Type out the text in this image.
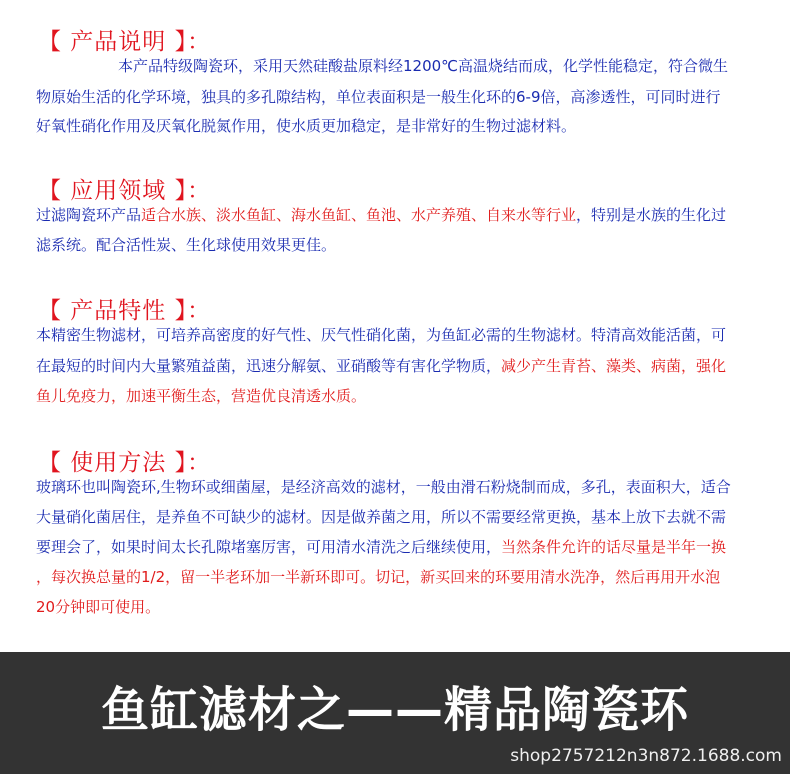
【 产品说明 】：
本产品特级陶瓷环，采用天然硅酸盐原料经1200℃高温烧结而成，化学性能稳定，符合微生
物原始生活的化学环境，独具的多孔隙结构，单位表面积是一般生化环的6-9倍，高渗透性，可同时进行
好氧性硝化作用及厌氧化脱氮作用，使水质更加稳定，是非常好的生物过滤材料。
【 应用领域 】：
过滤陶瓷环产品适合水族、淡水鱼缸、海水鱼缸、鱼池、水产养殖、自来水等行业，特别是水族的生化过
滤系统。配合活性炭、生化球使用效果更佳。
【 产品特性 】：
本精密生物滤材，可培养高密度的好气性、厌气性硝化菌，为鱼缸必需的生物滤材。特清高效能活菌，可
在最短的时间内大量繁殖益菌，迅速分解氨、亚硝酸等有害化学物质，减少产生青苔、藻类、病菌，强化
鱼儿免疫力，加速平衡生态，营造优良清透水质。
【 使用方法 】：
玻璃环也叫陶瓷环,生物环或细菌屋，是经济高效的滤材，一般由滑石粉烧制而成，多孔，表面积大，适合
大量硝化菌居住，是养鱼不可缺少的滤材。因是做养菌之用，所以不需要经常更换，基本上放下去就不需
要理会了，如果时间太长孔隙堵塞厉害，可用清水清洗之后继续使用，当然条件允许的话尽量是半年一换
，每次换总量的1/2，留一半老环加一半新环即可。切记，新买回来的环要用清水洗净，然后再用开水泡
20分钟即可使用。
鱼缸滤材之——精品陶瓷环
shop2757212n3n872.1688.com
